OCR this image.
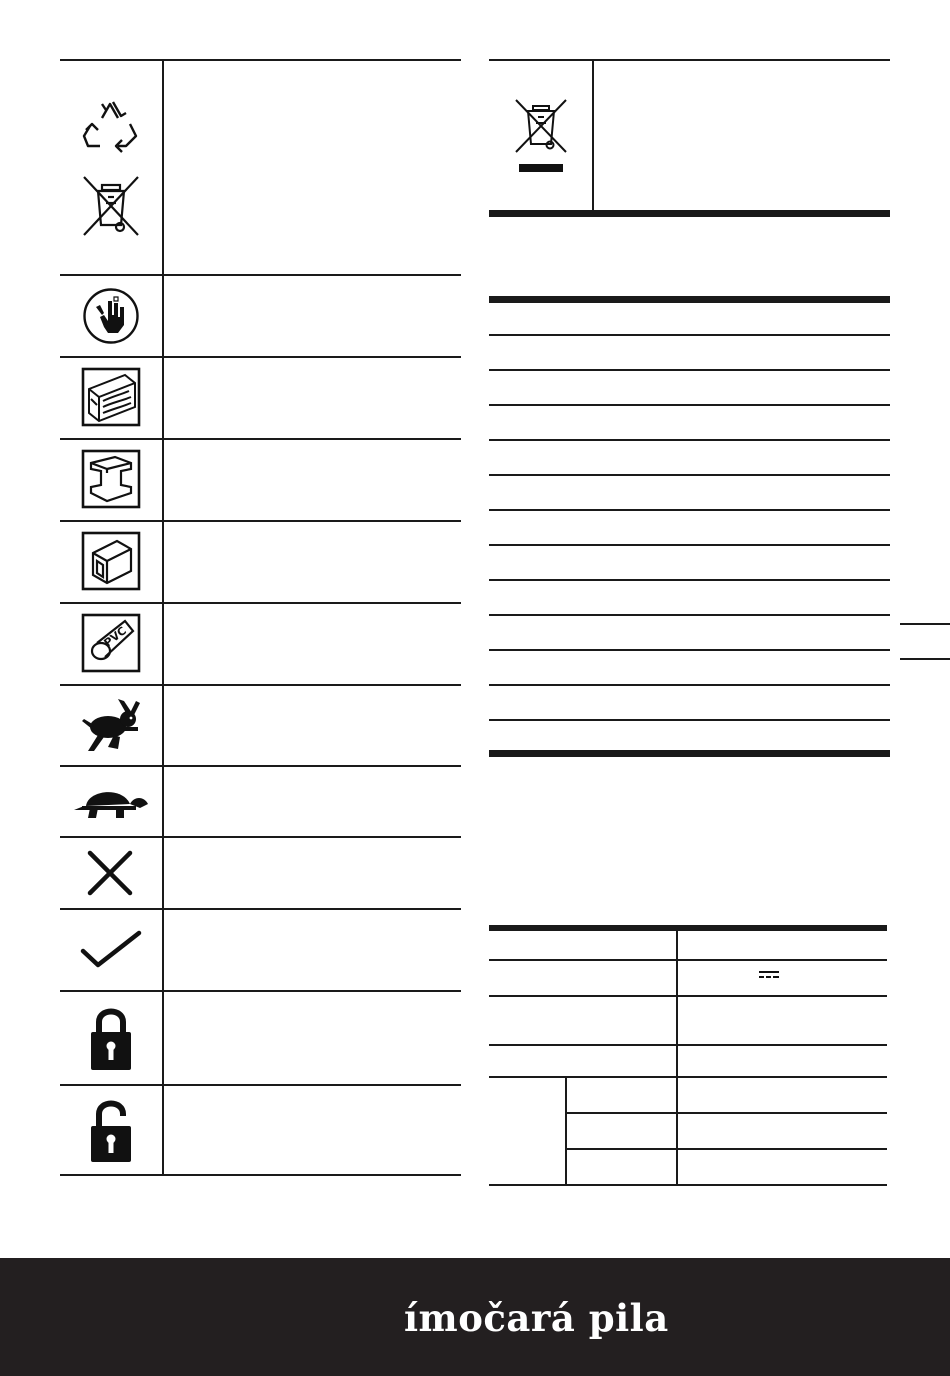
PVC
ímočará pila
